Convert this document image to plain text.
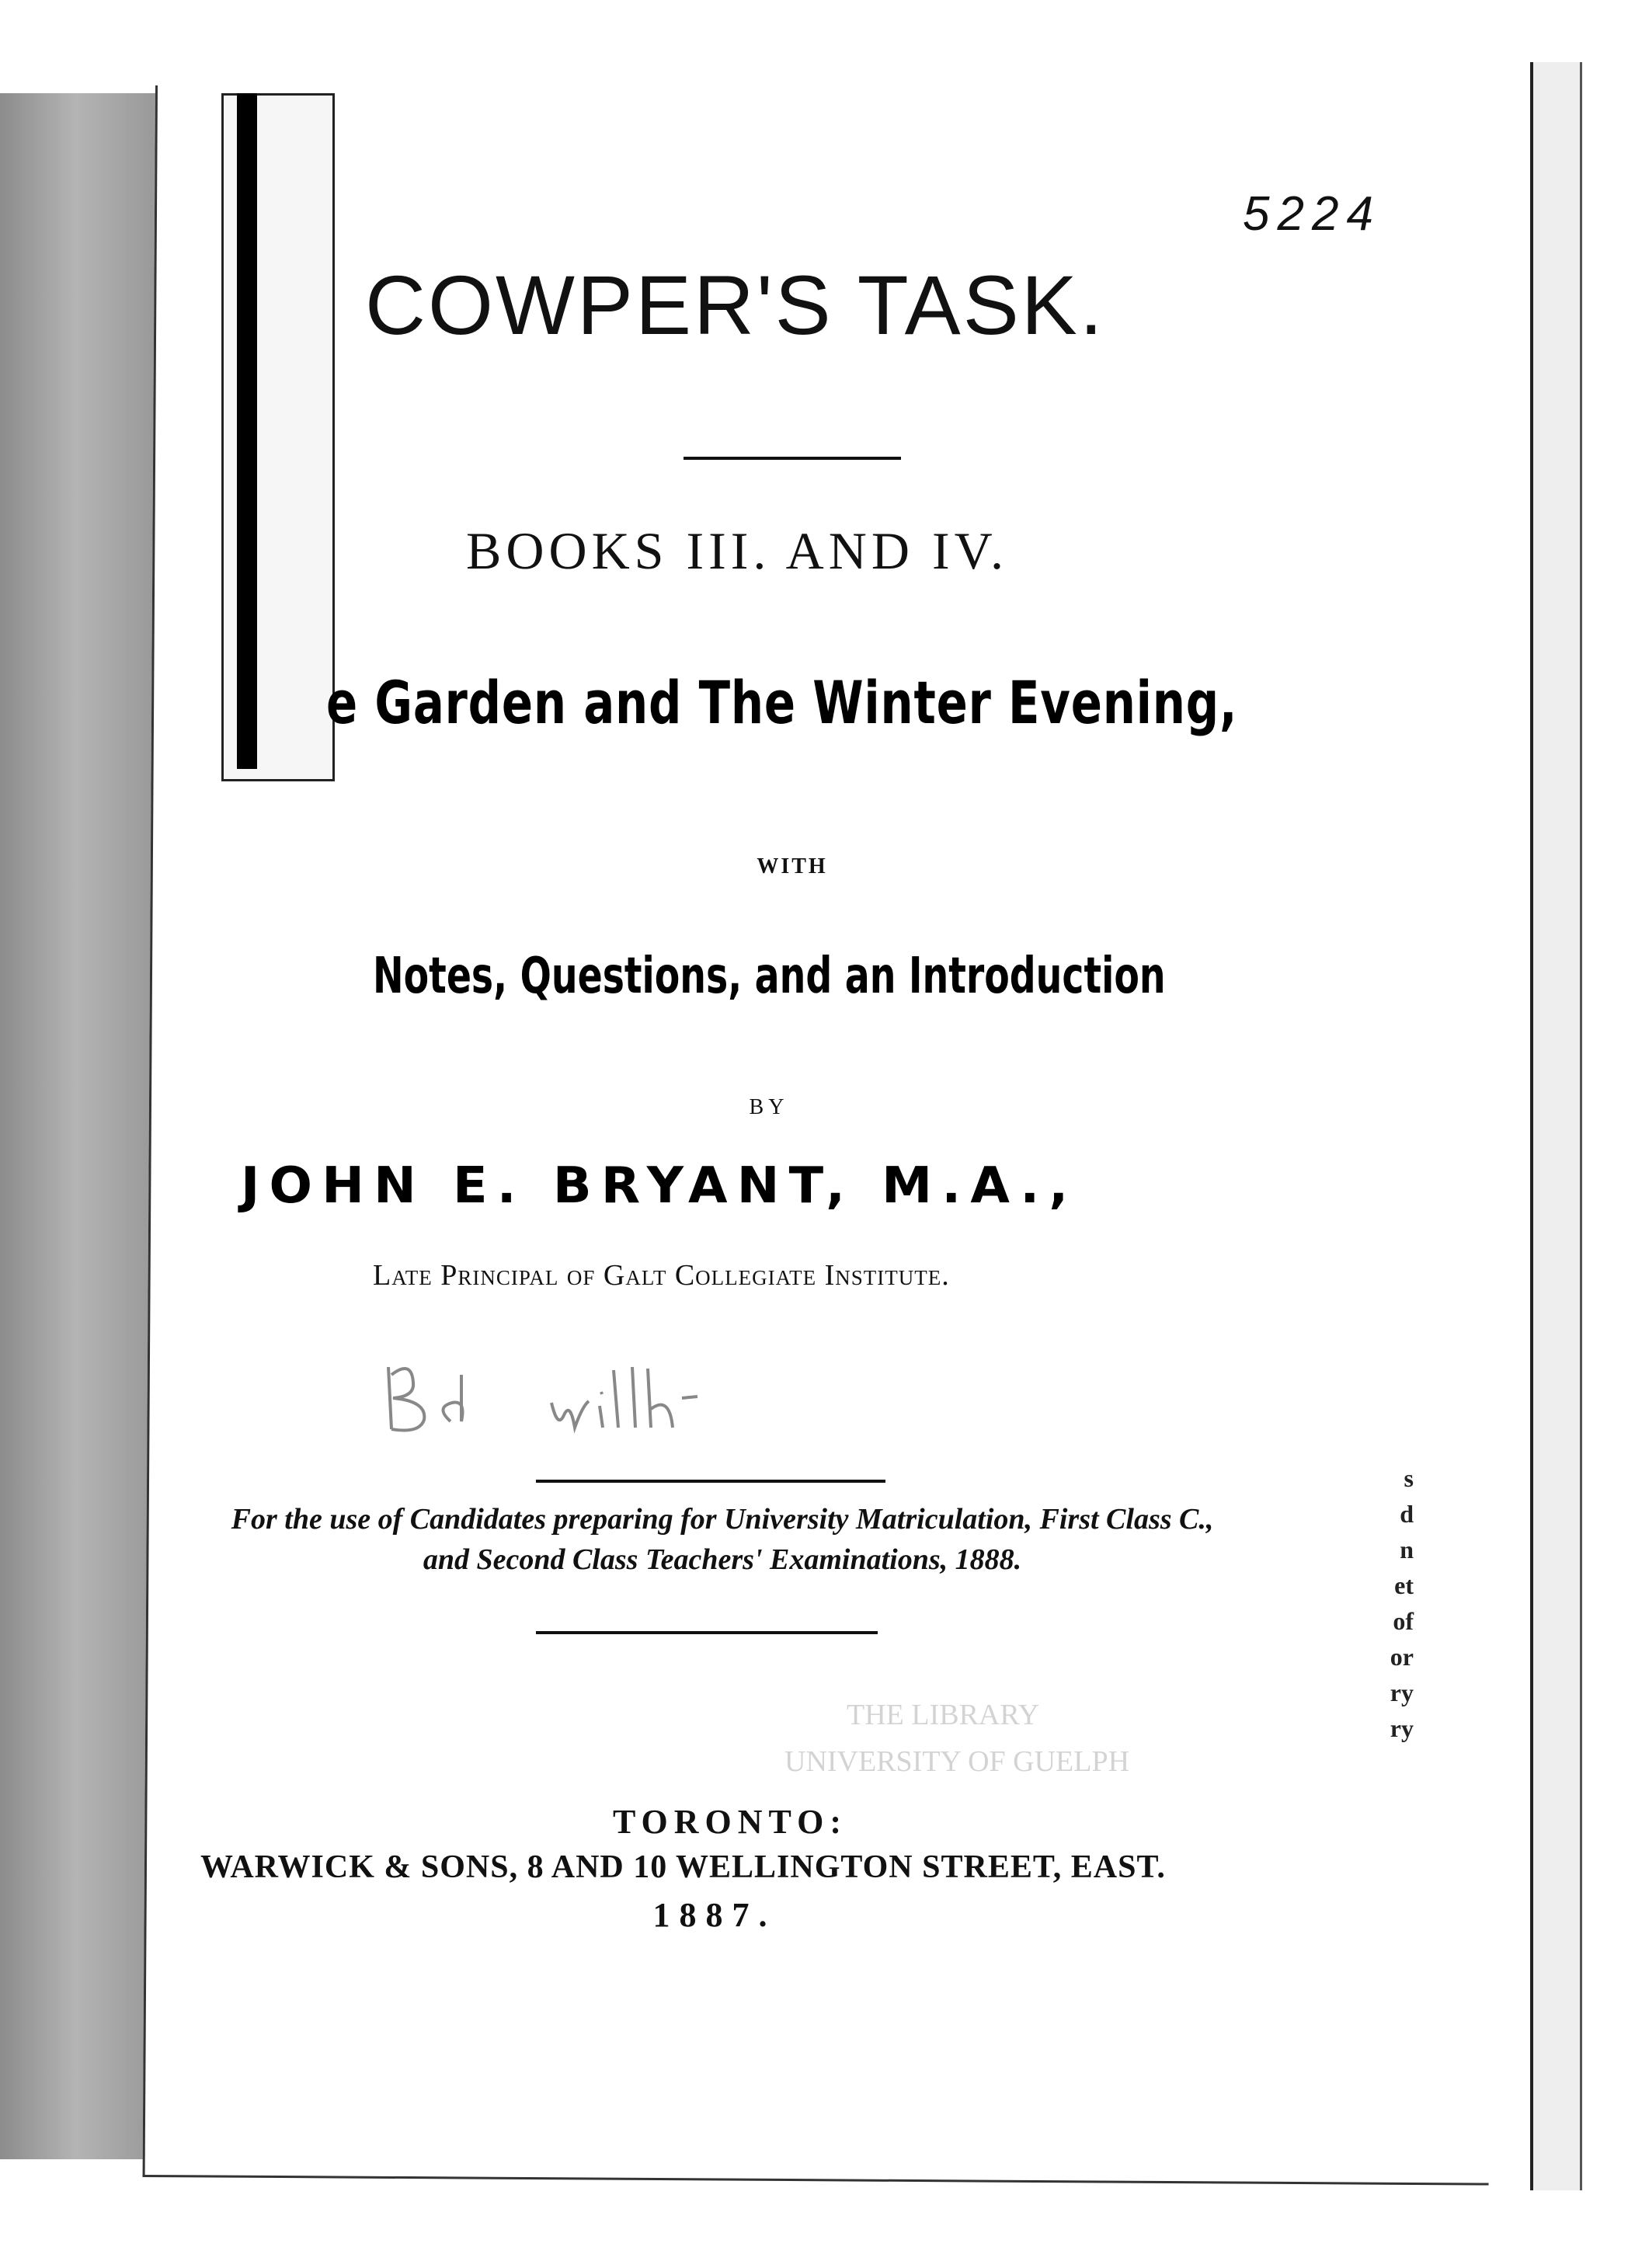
5224
COWPER'S TASK.
BOOKS III. AND IV.
e Garden and The Winter Evening,
WITH
Notes, Questions, and an Introduction
BY
JOHN E. BRYANT, M.A.,
Late Principal of Galt Collegiate Institute.
For the use of Candidates preparing for University Matriculation, First Class C., and Second Class Teachers' Examinations, 1888.
THE LIBRARY
UNIVERSITY OF GUELPH
TORONTO:
WARWICK & SONS, 8 AND 10 WELLINGTON STREET, EAST.
1887.
s
d
n
et
of
or
ry
ry
